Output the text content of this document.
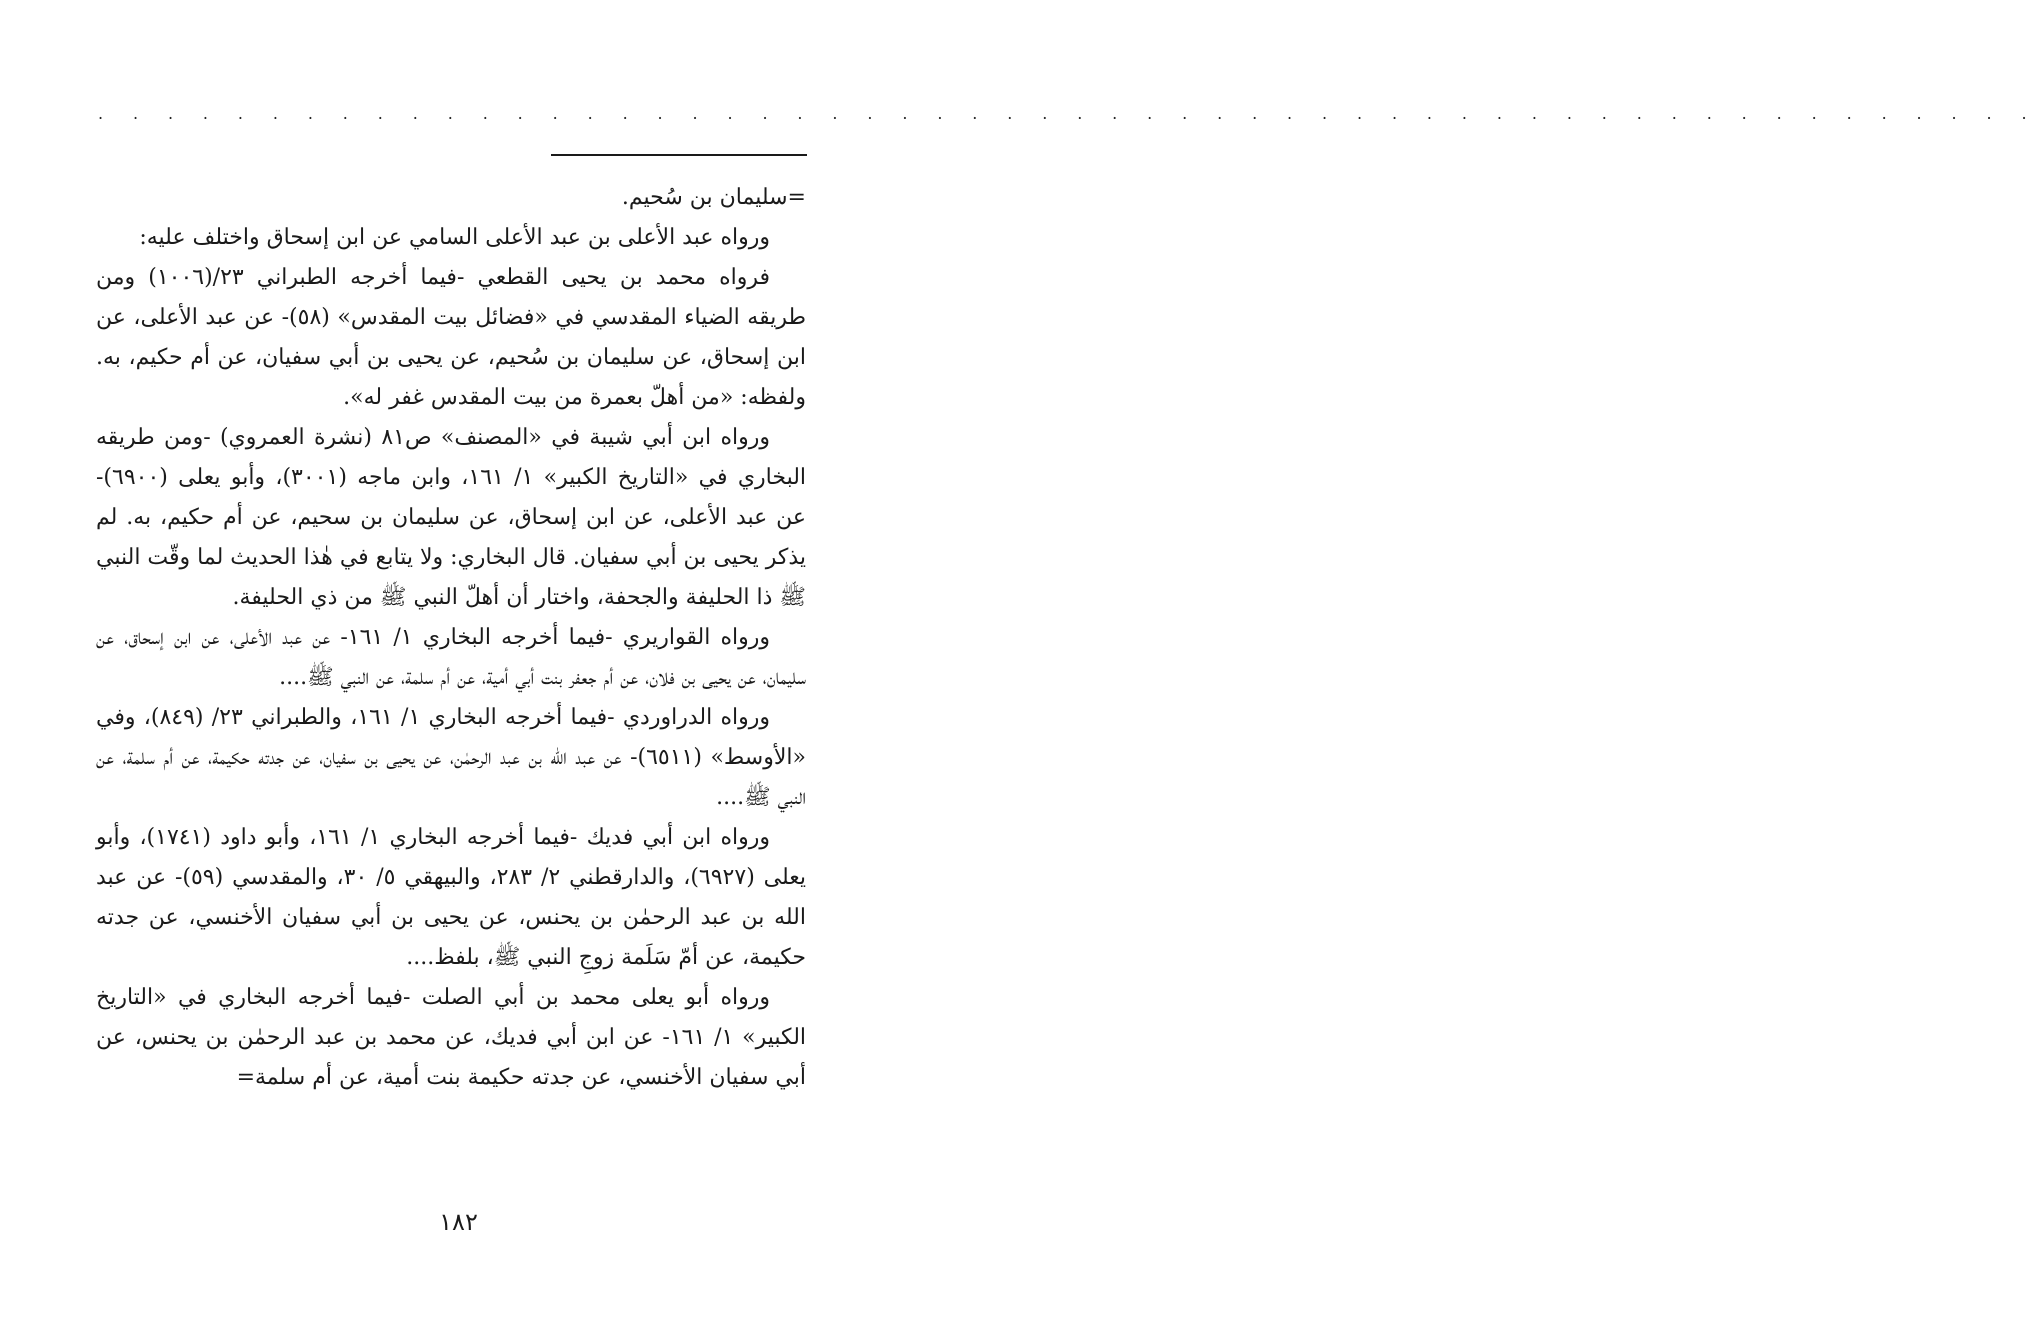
. . . . . . . . . . . . . . . . . . . . . . . . . . . . . . . . . . . . . . . . . . . . . . . . . . . . . . . .

=سليمان بن سُحيم.

ورواه عبد الأعلى بن عبد الأعلى السامي عن ابن إسحاق واختلف عليه:

فرواه محمد بن يحيى القطعي -فيما أخرجه الطبراني ٢٣/(١٠٠٦) ومن طريقه الضياء المقدسي في «فضائل بيت المقدس» (٥٨)- عن عبد الأعلى، عن ابن إسحاق، عن سليمان بن سُحيم، عن يحيى بن أبي سفيان، عن أم حكيم، به. ولفظه: «من أهلّ بعمرة من بيت المقدس غفر له».

ورواه ابن أبي شيبة في «المصنف» ص٨١ (نشرة العمروي) -ومن طريقه البخاري في «التاريخ الكبير» ١/ ١٦١، وابن ماجه (٣٠٠١)، وأبو يعلى (٦٩٠٠)- عن عبد الأعلى، عن ابن إسحاق، عن سليمان بن سحيم، عن أم حكيم، به. لم يذكر يحيى بن أبي سفيان. قال البخاري: ولا يتابع في هٰذا الحديث لما وقّت النبي ﷺ ذا الحليفة والجحفة، واختار أن أهلّ النبي ﷺ من ذي الحليفة.

ورواه القواريري -فيما أخرجه البخاري ١/ ١٦١- عن عبد الأعلى، عن ابن إسحاق، عن سليمان، عن يحيى بن فلان، عن أم جعفر بنت أبي أمية، عن أم سلمة، عن النبي ﷺ....

ورواه الدراوردي -فيما أخرجه البخاري ١/ ١٦١، والطبراني ٢٣/ (٨٤٩)، وفي «الأوسط» (٦٥١١)- عن عبد الله بن عبد الرحمٰن، عن يحيى بن سفيان، عن جدته حكيمة، عن أم سلمة، عن النبي ﷺ....

ورواه ابن أبي فديك -فيما أخرجه البخاري ١/ ١٦١، وأبو داود (١٧٤١)، وأبو يعلى (٦٩٢٧)، والدارقطني ٢/ ٢٨٣، والبيهقي ٥/ ٣٠، والمقدسي (٥٩)- عن عبد الله بن عبد الرحمٰن بن يحنس، عن يحيى بن أبي سفيان الأخنسي، عن جدته حكيمة، عن أمّ سَلَمة زوجِ النبي ﷺ، بلفظ....

ورواه أبو يعلى محمد بن أبي الصلت -فيما أخرجه البخاري في «التاريخ الكبير» ١/ ١٦١- عن ابن أبي فديك، عن محمد بن عبد الرحمٰن بن يحنس، عن أبي سفيان الأخنسي، عن جدته حكيمة بنت أمية، عن أم سلمة=

١٨٢
